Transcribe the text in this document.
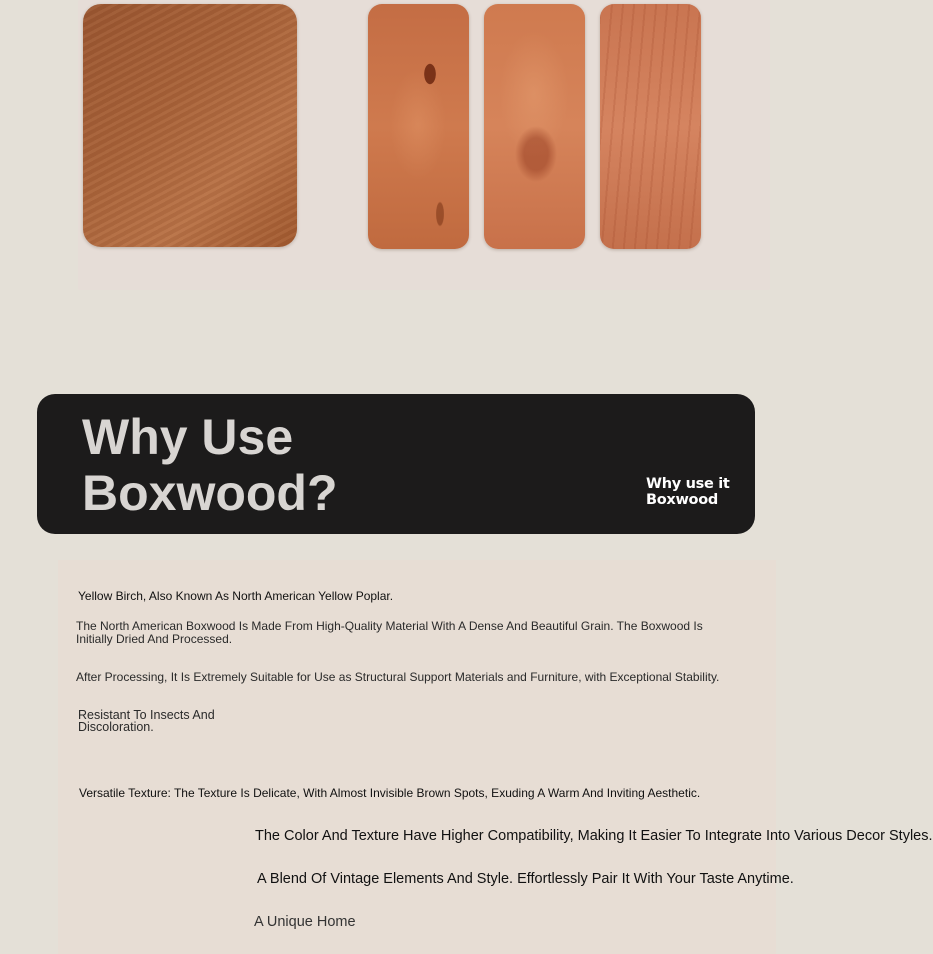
Why Use
Boxwood?	Why use it
Boxwood

Yellow Birch, Also Known As North American Yellow Poplar.

The North American Boxwood Is Made From High-Quality Material With A Dense And Beautiful Grain. The Boxwood Is Initially Dried And Processed.

After Processing, It Is Extremely Suitable for Use as Structural Support Materials and Furniture, with Exceptional Stability.

Resistant To Insects And Discoloration.

Versatile Texture: The Texture Is Delicate, With Almost Invisible Brown Spots, Exuding A Warm And Inviting Aesthetic.

The Color And Texture Have Higher Compatibility, Making It Easier To Integrate Into Various Decor Styles.

A Blend Of Vintage Elements And Style. Effortlessly Pair It With Your Taste Anytime.

A Unique Home
